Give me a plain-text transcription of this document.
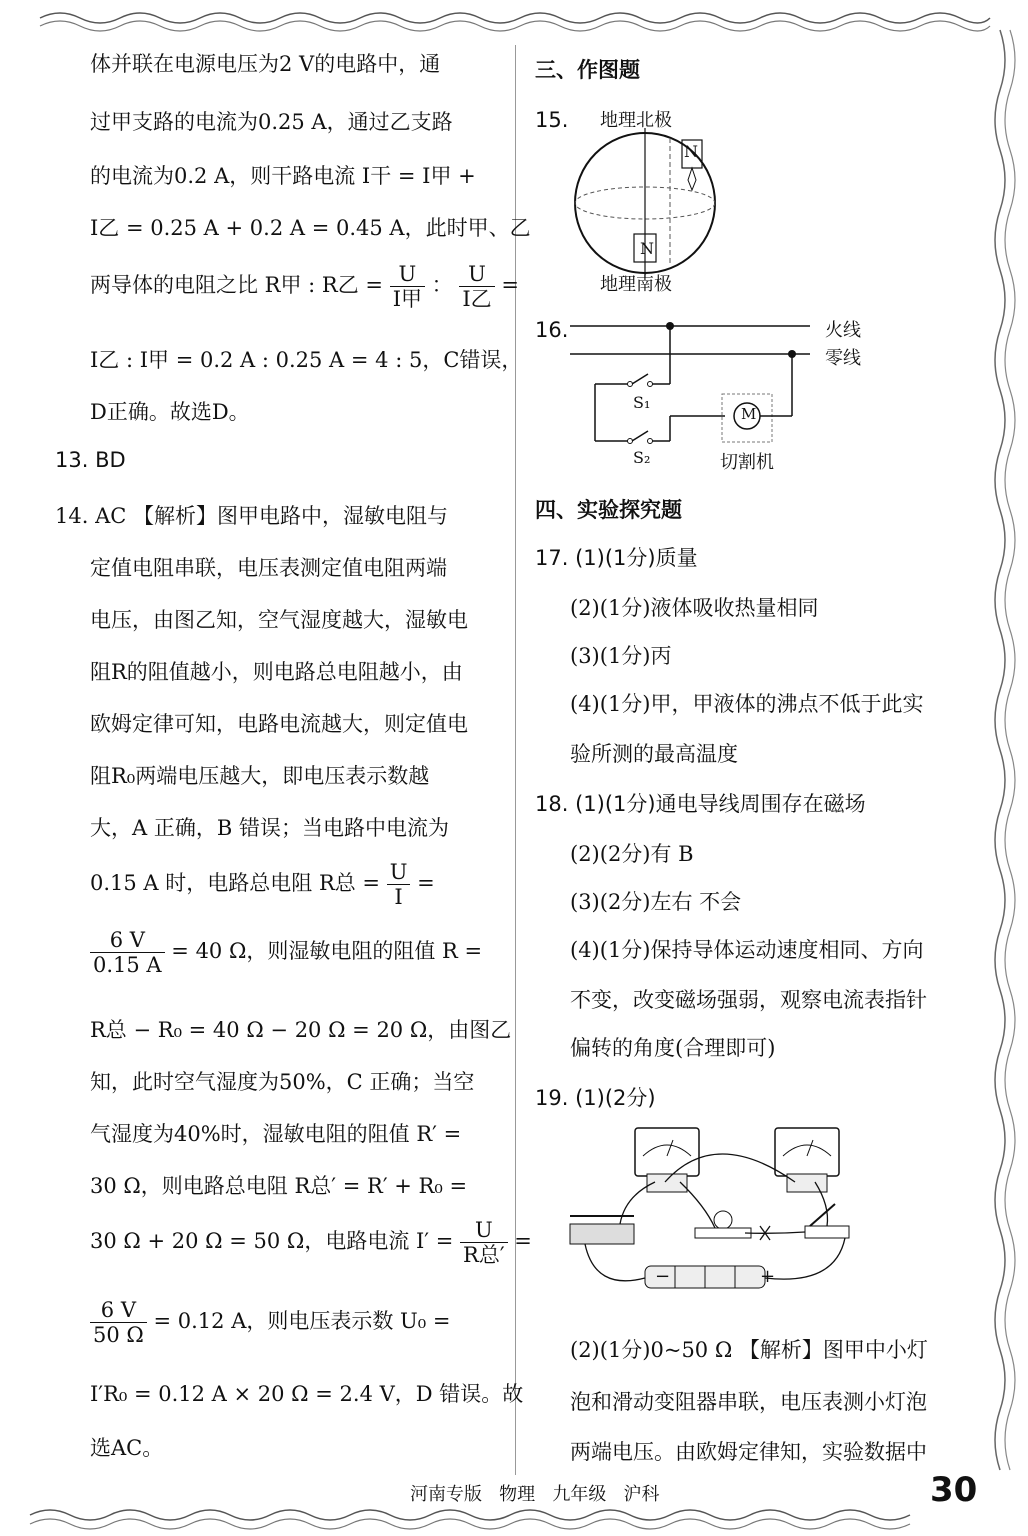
体并联在电源电压为2 V的电路中，通
过甲支路的电流为0.25 A，通过乙支路
的电流为0.2 A，则干路电流 I干 = I甲 +
I乙 = 0.25 A + 0.2 A = 0.45 A，此时甲、乙
两导体的电阻之比 R甲 : R乙 = $\frac{U}{\text{I甲}}$ ： $\frac{U}{\text{I乙}}$ =
I乙 : I甲 = 0.2 A : 0.25 A = 4 : 5，C错误，
D正确。故选D。
13. BD
14. AC 【解析】图甲电路中，湿敏电阻与
定值电阻串联，电压表测定值电阻两端
电压，由图乙知，空气湿度越大，湿敏电
阻R的阻值越小，则电路总电阻越小，由
欧姆定律可知，电路电流越大，则定值电
阻R₀两端电压越大，即电压表示数越
大，A 正确，B 错误；当电路中电流为
0.15 A 时，电路总电阻 R总 = $\frac{U}{I}$ =
$\frac{6 V}{0.15 A} = 40$ Ω，则湿敏电阻的阻值 R =
R总 − R₀ = 40 Ω − 20 Ω = 20 Ω，由图乙
知，此时空气湿度为50%，C 正确；当空
气湿度为40%时，湿敏电阻的阻值 R′ =
30 Ω，则电路总电阻 R总′ = R′ + R₀ =
30 Ω + 20 Ω = 50 Ω，电路电流 $I' = \frac{U}{\text{R总′}}$ =
$\frac{6 V}{50 \Omega} = 0.12$ A，则电压表示数 U₀ =
I′R₀ = 0.12 A × 20 Ω = 2.4 V，D 错误。故
选AC。
三、作图题
15. 地理北极
N
N
地理南极
16.	火线
零线
S₁
S₂
M
切割机
四、实验探究题
17. (1)(1分)质量
(2)(1分)液体吸收热量相同
(3)(1分)丙
(4)(1分)甲，甲液体的沸点不低于此实
验所测的最高温度
18. (1)(1分)通电导线周围存在磁场
(2)(2分)有 B
(3)(2分)左右 不会
(4)(1分)保持导体运动速度相同、方向
不变，改变磁场强弱，观察电流表指针
偏转的角度(合理即可)
19. (1)(2分)
−	+
(2)(1分)0~50 Ω 【解析】图甲中小灯
泡和滑动变阻器串联，电压表测小灯泡
两端电压。由欧姆定律知，实验数据中
河南专版   物理   九年级   沪科	30
